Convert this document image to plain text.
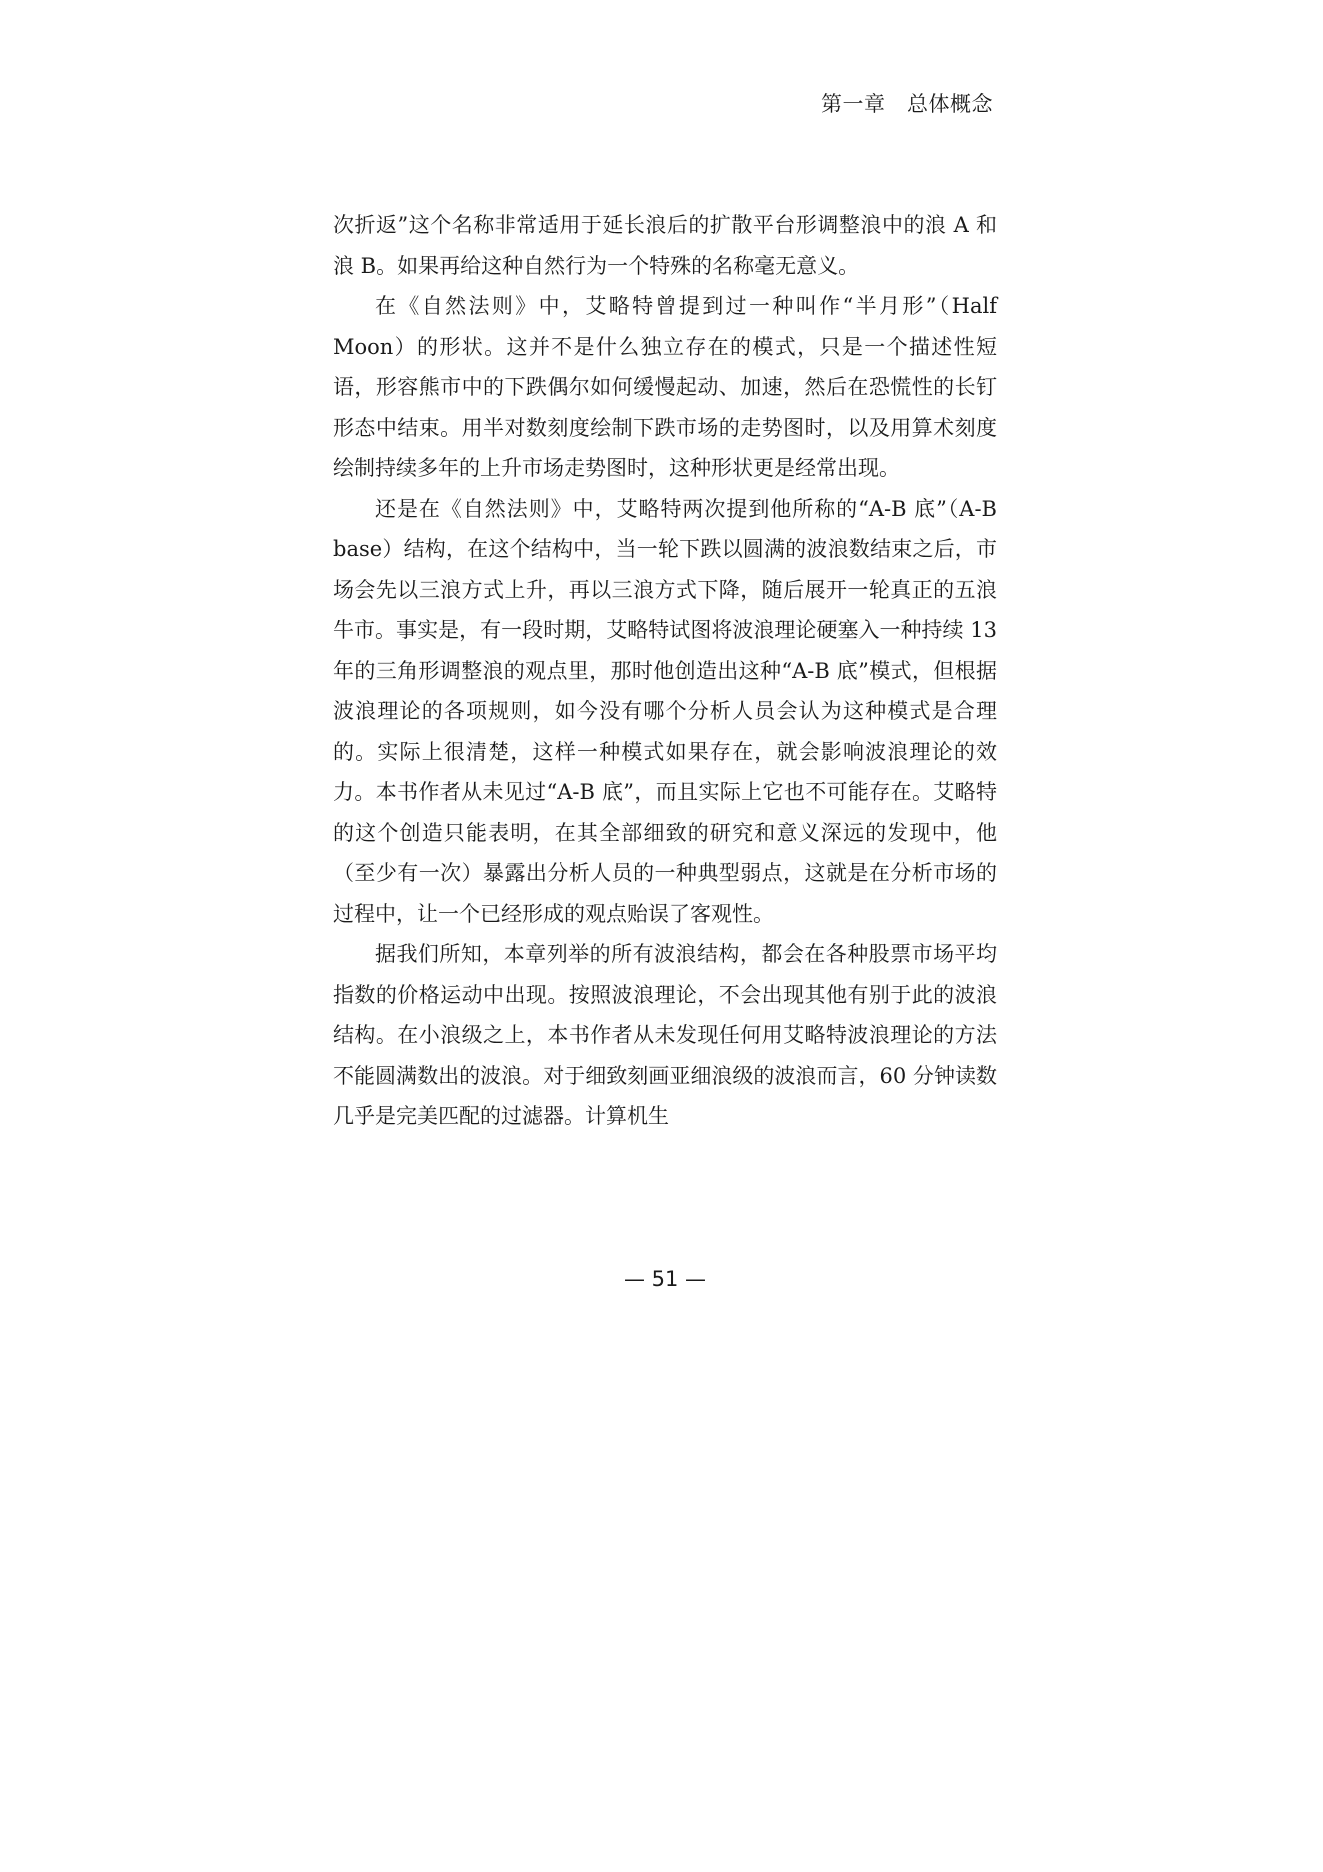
第一章　总体概念

次折返”这个名称非常适用于延长浪后的扩散平台形调整浪中的浪 A 和浪 B。如果再给这种自然行为一个特殊的名称毫无意义。

在《自然法则》中，艾略特曾提到过一种叫作“半月形”（Half Moon）的形状。这并不是什么独立存在的模式，只是一个描述性短语，形容熊市中的下跌偶尔如何缓慢起动、加速，然后在恐慌性的长钉形态中结束。用半对数刻度绘制下跌市场的走势图时，以及用算术刻度绘制持续多年的上升市场走势图时，这种形状更是经常出现。

还是在《自然法则》中，艾略特两次提到他所称的“A-B 底”（A-B base）结构，在这个结构中，当一轮下跌以圆满的波浪数结束之后，市场会先以三浪方式上升，再以三浪方式下降，随后展开一轮真正的五浪牛市。事实是，有一段时期，艾略特试图将波浪理论硬塞入一种持续 13 年的三角形调整浪的观点里，那时他创造出这种“A-B 底”模式，但根据波浪理论的各项规则，如今没有哪个分析人员会认为这种模式是合理的。实际上很清楚，这样一种模式如果存在，就会影响波浪理论的效力。本书作者从未见过“A-B 底”，而且实际上它也不可能存在。艾略特的这个创造只能表明，在其全部细致的研究和意义深远的发现中，他（至少有一次）暴露出分析人员的一种典型弱点，这就是在分析市场的过程中，让一个已经形成的观点贻误了客观性。

据我们所知，本章列举的所有波浪结构，都会在各种股票市场平均指数的价格运动中出现。按照波浪理论，不会出现其他有别于此的波浪结构。在小浪级之上，本书作者从未发现任何用艾略特波浪理论的方法不能圆满数出的波浪。对于细致刻画亚细浪级的波浪而言，60 分钟读数几乎是完美匹配的过滤器。计算机生

— 51 —
